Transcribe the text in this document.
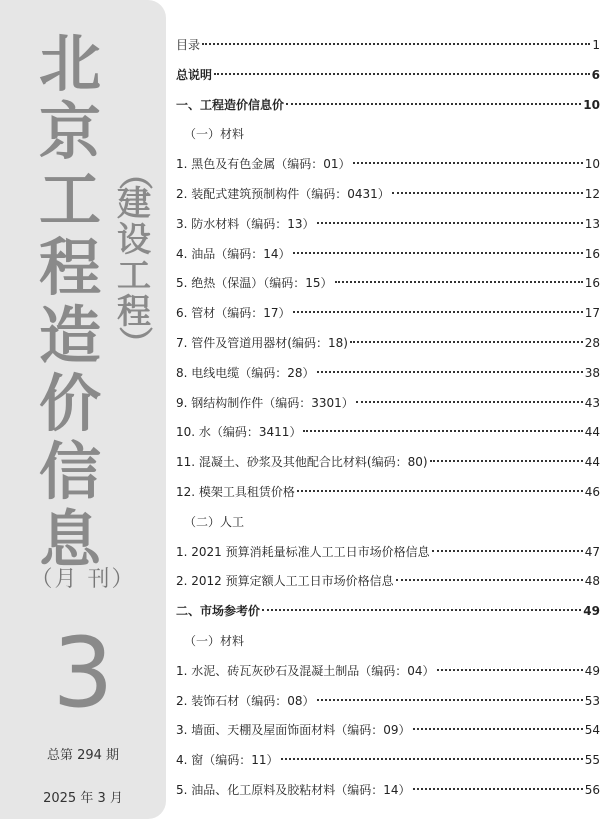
北
京
工
程
造
价
信
息
（
建
设
工
程
）
（月 刊）
3
总第 294 期
2025 年 3 月
目录	1
总说明	6
一、工程造价信息价	10
（一）材料
1. 黑色及有色金属（编码：01）	10
2. 装配式建筑预制构件（编码：0431）	12
3. 防水材料（编码：13）	13
4. 油品（编码：14）	16
5. 绝热（保温）（编码：15）	16
6. 管材（编码：17）	17
7. 管件及管道用器材(编码：18)	28
8. 电线电缆（编码：28）	38
9. 钢结构制作件（编码：3301）	43
10. 水（编码：3411）	44
11. 混凝土、砂浆及其他配合比材料(编码：80)	44
12. 模架工具租赁价格	46
（二）人工
1. 2021 预算消耗量标准人工工日市场价格信息	47
2. 2012 预算定额人工工日市场价格信息	48
二、市场参考价	49
（一）材料
1. 水泥、砖瓦灰砂石及混凝土制品（编码：04）	49
2. 装饰石材（编码：08）	53
3. 墙面、天棚及屋面饰面材料（编码：09）	54
4. 窗（编码：11）	55
5. 油品、化工原料及胶粘材料（编码：14）	56
